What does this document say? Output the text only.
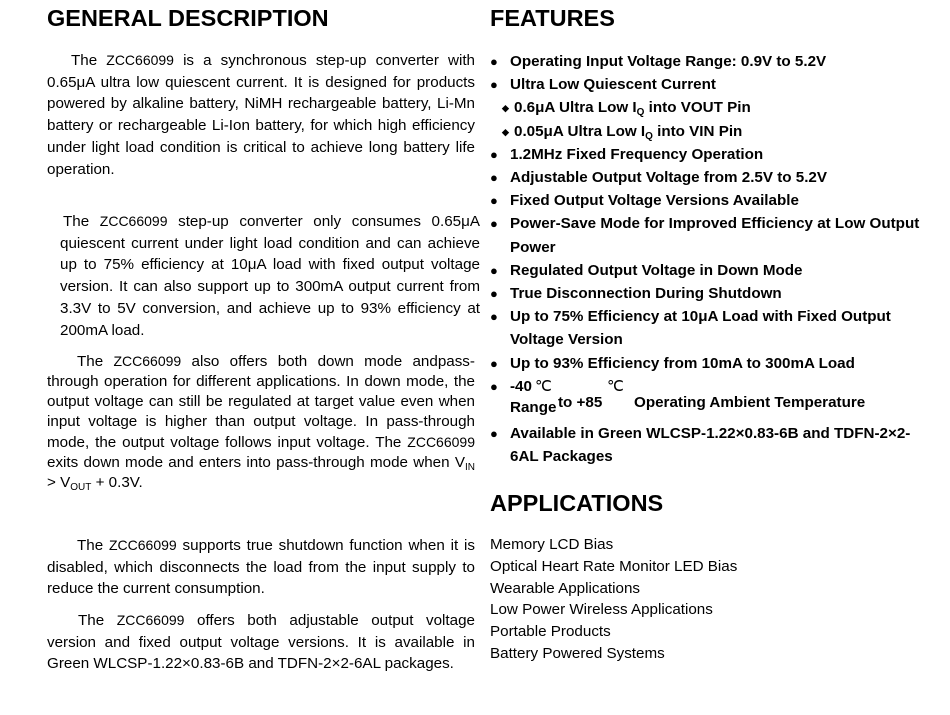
GENERAL DESCRIPTION

The ZCC66099 is a synchronous step-up converter with 0.65μA ultra low quiescent current. It is designed for products powered by alkaline battery, NiMH rechargeable battery, Li-Mn battery or rechargeable Li-Ion battery, for which high efficiency under light load condition is critical to achieve long battery life operation.

The ZCC66099 step-up converter only consumes 0.65μA quiescent current under light load condition and can achieve up to 75% efficiency at 10μA load with fixed output voltage version. It can also support up to 300mA output current from 3.3V to 5V conversion, and achieve up to 93% efficiency at 200mA load.

The ZCC66099 also offers both down mode andpass-through operation for different applications. In down mode, the output voltage can still be regulated at target value even when input voltage is higher than output voltage. In pass-through mode, the output voltage follows input voltage. The ZCC66099 exits down mode and enters into pass-through mode when $V_{IN} > V_{OUT} + 0.3V$.

The ZCC66099 supports true shutdown function when it is disabled, which disconnects the load from the input supply to reduce the current consumption.

The ZCC66099 offers both adjustable output voltage version and fixed output voltage versions. It is available in Green WLCSP-1.22×0.83-6B and TDFN-2×2-6AL packages.

FEATURES
● Operating Input Voltage Range: 0.9V to 5.2V
● Ultra Low Quiescent Current
◆ 0.6μA Ultra Low $I_Q$ into VOUT Pin
◆ 0.05μA Ultra Low $I_Q$ into VIN Pin
● 1.2MHz Fixed Frequency Operation
● Adjustable Output Voltage from 2.5V to 5.2V
● Fixed Output Voltage Versions Available
● Power-Save Mode for Improved Efficiency at Low Output Power
● Regulated Output Voltage in Down Mode
● True Disconnection During Shutdown
● Up to 75% Efficiency at 10μA Load with Fixed Output Voltage Version
● Up to 93% Efficiency from 10mA to 300mA Load
● -40 ℃	℃
Range to +85 Operating Ambient Temperature
● Available in Green WLCSP-1.22×0.83-6B and TDFN-2×2-6AL Packages
APPLICATIONS
Memory LCD Bias
Optical Heart Rate Monitor LED Bias
Wearable Applications
Low Power Wireless Applications
Portable Products
Battery Powered Systems
